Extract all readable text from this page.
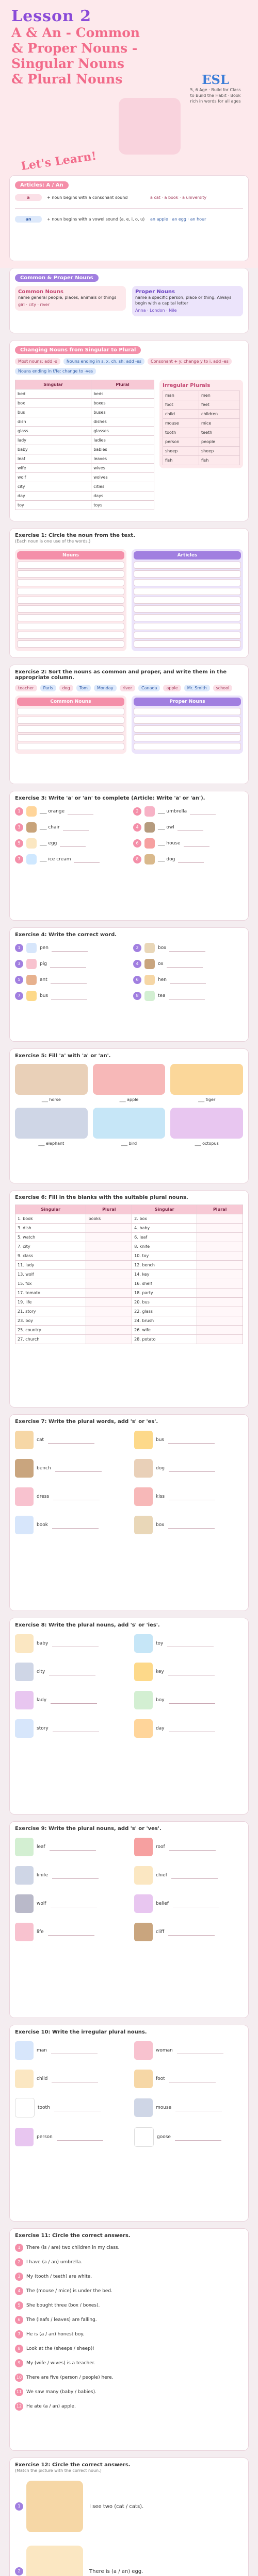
Lesson 2
A & An - Common
& Proper Nouns -
Singular Nouns
& Plural Nouns	ESL
5, 6 Age · Build for Class
to Build the Habit · Book
rich in words for all ages
Let's Learn!
Articles: A / An
a	+ noun begins with a consonant sound	a cat · a book · a university
an	+ noun begins with a vowel sound (a, e, i, o, u) an apple · an egg · an hour
Common & Proper Nouns
Common Nouns
name general people, places, animals or things
girl · city · river
Proper Nouns
name a specific person, place or thing. Always begin with a capital letter
Anna · London · Nile
Changing Nouns from Singular to Plural
Most nouns: add -s	Nouns ending in s, x, ch, sh: add -es	Consonant + y: change y to i, add -es
Nouns ending in f/fe: change to -ves
Singular	Plural
bed	beds
box	boxes
bus	buses
dish	dishes
glass	glasses
lady	ladies
baby	babies
leaf	leaves
wife	wives
wolf	wolves
city	cities
day	days
toy	toys
Irregular Plurals
man	men
foot	feet
child	children
mouse	mice
tooth	teeth
person	people
sheep	sheep
fish	fish
Exercise 1: Circle the noun from the text.
(Each noun is one use of the words.)
Nouns	Articles
Exercise 2: Sort the nouns as common and proper, and write them in the appropriate column.
teacher	Paris	dog	Tom	Monday	river	Canada	apple	Mr. Smith	school
Common Nouns	Proper Nouns
Exercise 3: Write 'a' or 'an' to complete (Article: Write 'a' or 'an').
1	___ orange	2	___ umbrella
3	___ chair	4	___ owl
5	___ egg	6	___ house
7	___ ice cream	8	___ dog
Exercise 4: Write the correct word.
1	pen	2	box
3	pig	4	ox
5	ant	6	hen
7	bus	8	tea
Exercise 5: Fill 'a' with 'a' or 'an'.
___ horse	___ apple	___ tiger
___ elephant	___ bird	___ octopus
Exercise 6: Fill in the blanks with the suitable plural nouns.
Singular	Plural	Singular	Plural
1. book	books	2. box	
3. dish		4. baby	
5. watch		6. leaf	
7. city		8. knife	
9. class		10. toy	
11. lady		12. bench	
13. wolf		14. key	
15. fox		16. shelf	
17. tomato		18. party	
19. life		20. bus	
21. story		22. glass	
23. boy		24. brush	
25. country		26. wife	
27. church		28. potato	
Exercise 7: Write the plural words, add 's' or 'es'.
cat	bus
bench	dog
dress	kiss
book	box
Exercise 8: Write the plural nouns, add 's' or 'ies'.
baby	toy
city	key
lady	boy
story	day
Exercise 9: Write the plural nouns, add 's' or 'ves'.
leaf	roof
knife	chief
wolf	belief
life	cliff
Exercise 10: Write the irregular plural nouns.
man	woman
child	foot
tooth	mouse
person	goose
Exercise 11: Circle the correct answers.
1	There (is / are) two children in my class.
2	I have (a / an) umbrella.
3	My (tooth / teeth) are white.
4	The (mouse / mice) is under the bed.
5	She bought three (box / boxes).
6	The (leafs / leaves) are falling.
7	He is (a / an) honest boy.
8	Look at the (sheeps / sheep)!
9	My (wife / wives) is a teacher.
10 There are five (person / people) here.
11 We saw many (baby / babies).
12 He ate (a / an) apple.
Exercise 12: Circle the correct answers.
(Match the picture with the correct noun.)
1	I see two (cat / cats).
2	There is (a / an) egg.
